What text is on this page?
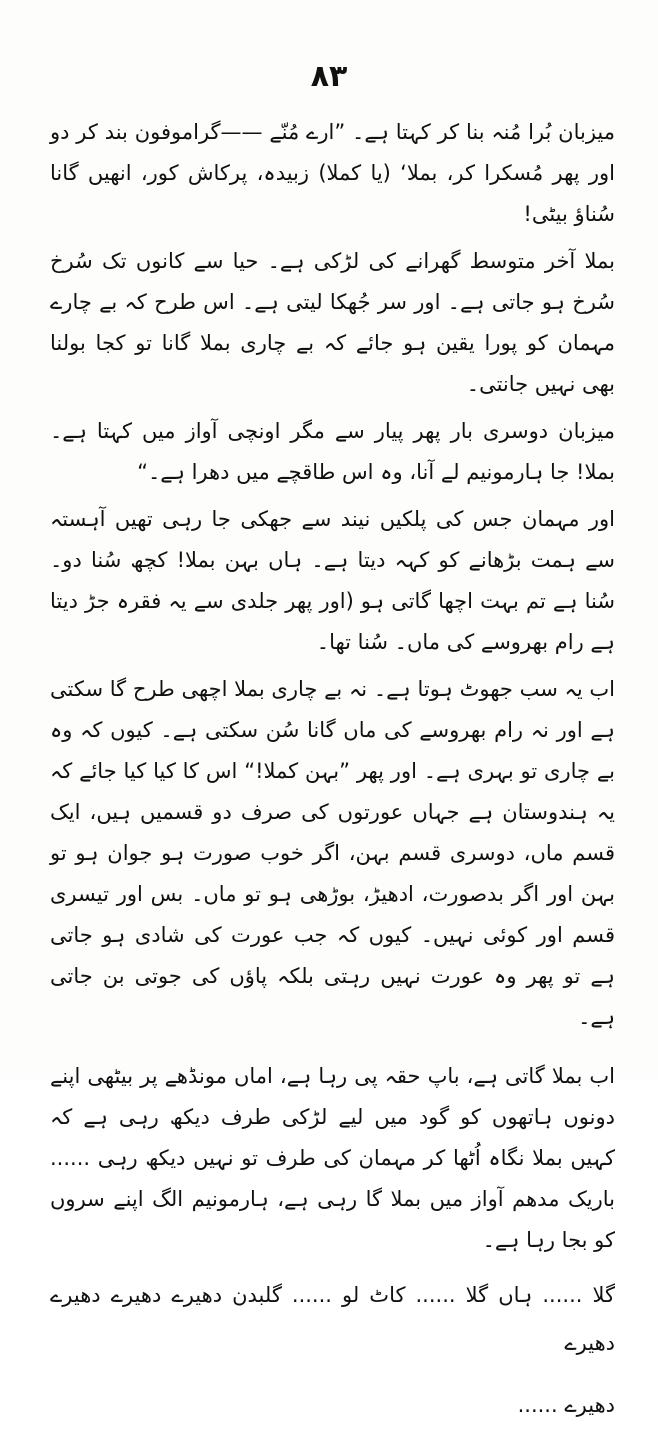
۸۳

میزبان بُرا مُنہ بنا کر کہتا ہے۔ ”ارے مُنّے ——گراموفون بند کر دو اور پھر مُسکرا کر، بملا‘ (یا کملا) زبیدہ، پرکاش کور، انھیں گانا سُناؤ بیٹی!

بملا آخر متوسط گھرانے کی لڑکی ہے۔ حیا سے کانوں تک سُرخ سُرخ ہو جاتی ہے۔ اور سر جُھکا لیتی ہے۔ اس طرح کہ بے چارے مہمان کو پورا یقین ہو جائے کہ بے چاری بملا گانا تو کجا بولنا بھی نہیں جانتی۔

میزبان دوسری بار پھر پیار سے مگر اونچی آواز میں کہتا ہے۔ بملا! جا ہارمونیم لے آنا، وہ اس طاقچے میں دھرا ہے۔“

اور مہمان جس کی پلکیں نیند سے جھکی جا رہی تھیں آہستہ سے ہمت بڑھانے کو کہہ دیتا ہے۔ ہاں بہن بملا! کچھ سُنا دو۔ سُنا ہے تم بہت اچھا گاتی ہو (اور پھر جلدی سے یہ فقرہ جڑ دیتا ہے رام بھروسے کی ماں۔ سُنا تھا۔

اب یہ سب جھوٹ ہوتا ہے۔ نہ بے چاری بملا اچھی طرح گا سکتی ہے اور نہ رام بھروسے کی ماں گانا سُن سکتی ہے۔ کیوں کہ وہ بے چاری تو بہری ہے۔ اور پھر ”بہن کملا!“ اس کا کیا کیا جائے کہ یہ ہندوستان ہے جہاں عورتوں کی صرف دو قسمیں ہیں، ایک قسم ماں، دوسری قسم بہن، اگر خوب صورت ہو جوان ہو تو بہن اور اگر بدصورت، ادھیڑ، بوڑھی ہو تو ماں۔ بس اور تیسری قسم اور کوئی نہیں۔ کیوں کہ جب عورت کی شادی ہو جاتی ہے تو پھر وہ عورت نہیں رہتی بلکہ پاؤں کی جوتی بن جاتی ہے۔

اب بملا گاتی ہے، باپ حقہ پی رہا ہے، اماں مونڈھے پر بیٹھی اپنے دونوں ہاتھوں کو گود میں لیے لڑکی طرف دیکھ رہی ہے کہ کہیں بملا نگاہ اُٹھا کر مہمان کی طرف تو نہیں دیکھ رہی ...... باریک مدھم آواز میں بملا گا رہی ہے، ہارمونیم الگ اپنے سروں کو بجا رہا ہے۔

گلا ...... ہاں گلا ...... کاٹ لو ...... گلبدن دھیرے دھیرے دھیرے دھیرے
دھیرے ......
